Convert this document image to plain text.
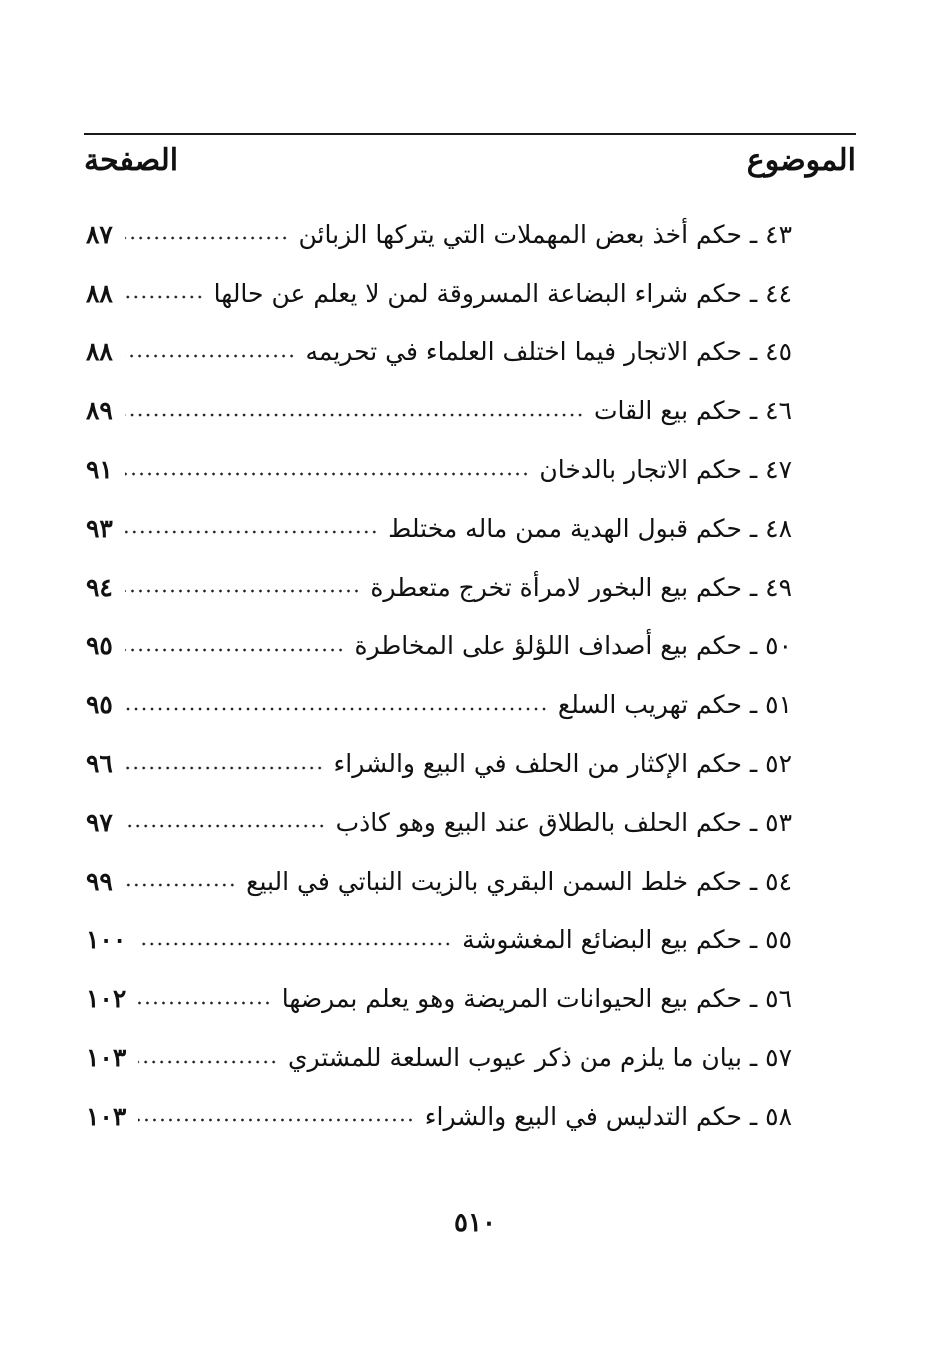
الموضوع
الصفحة
٨٧	٤٣ ـ حكم أخذ بعض المهملات التي يتركها الزبائن
٨٨	٤٤ ـ حكم شراء البضاعة المسروقة لمن لا يعلم عن حالها
٨٨	٤٥ ـ حكم الاتجار فيما اختلف العلماء في تحريمه
٨٩	٤٦ ـ حكم بيع القات
٩١	٤٧ ـ حكم الاتجار بالدخان
٩٣	٤٨ ـ حكم قبول الهدية ممن ماله مختلط
٩٤	٤٩ ـ حكم بيع البخور لامرأة تخرج متعطرة
٩٥	٥٠ ـ حكم بيع أصداف اللؤلؤ على المخاطرة
٩٥	٥١ ـ حكم تهريب السلع
٩٦	٥٢ ـ حكم الإكثار من الحلف في البيع والشراء
٩٧	٥٣ ـ حكم الحلف بالطلاق عند البيع وهو كاذب
٩٩	٥٤ ـ حكم خلط السمن البقري بالزيت النباتي في البيع
١٠٠	٥٥ ـ حكم بيع البضائع المغشوشة
١٠٢	٥٦ ـ حكم بيع الحيوانات المريضة وهو يعلم بمرضها
١٠٣	٥٧ ـ بيان ما يلزم من ذكر عيوب السلعة للمشتري
١٠٣	٥٨ ـ حكم التدليس في البيع والشراء
٥١٠
